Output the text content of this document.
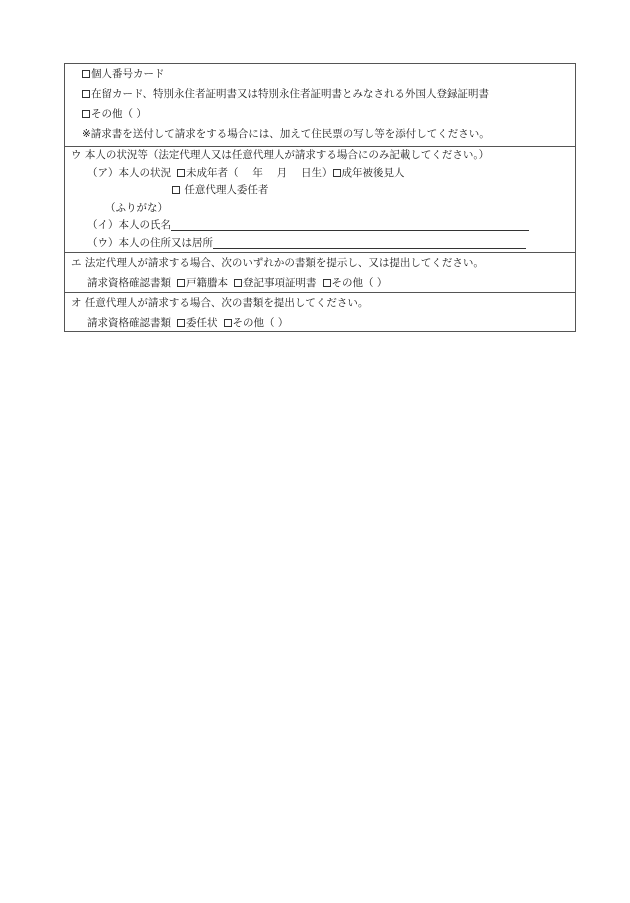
個人番号カード
在留カード、特別永住者証明書又は特別永住者証明書とみなされる外国人登録証明書
その他（ ）
※請求書を送付して請求をする場合には、加えて住民票の写し等を添付してください。
ウ 本人の状況等（法定代理人又は任意代理人が請求する場合にのみ記載してください。）
（ア）本人の状況 未成年者（　 年　 月　 日生） 成年被後見人
任意代理人委任者
（ふりがな）
（イ）本人の氏名
（ウ）本人の住所又は居所
エ 法定代理人が請求する場合、次のいずれかの書類を提示し、又は提出してください。
請求資格確認書類 戸籍謄本 登記事項証明書 その他（ ）
オ 任意代理人が請求する場合、次の書類を提出してください。
請求資格確認書類 委任状 その他（ ）
